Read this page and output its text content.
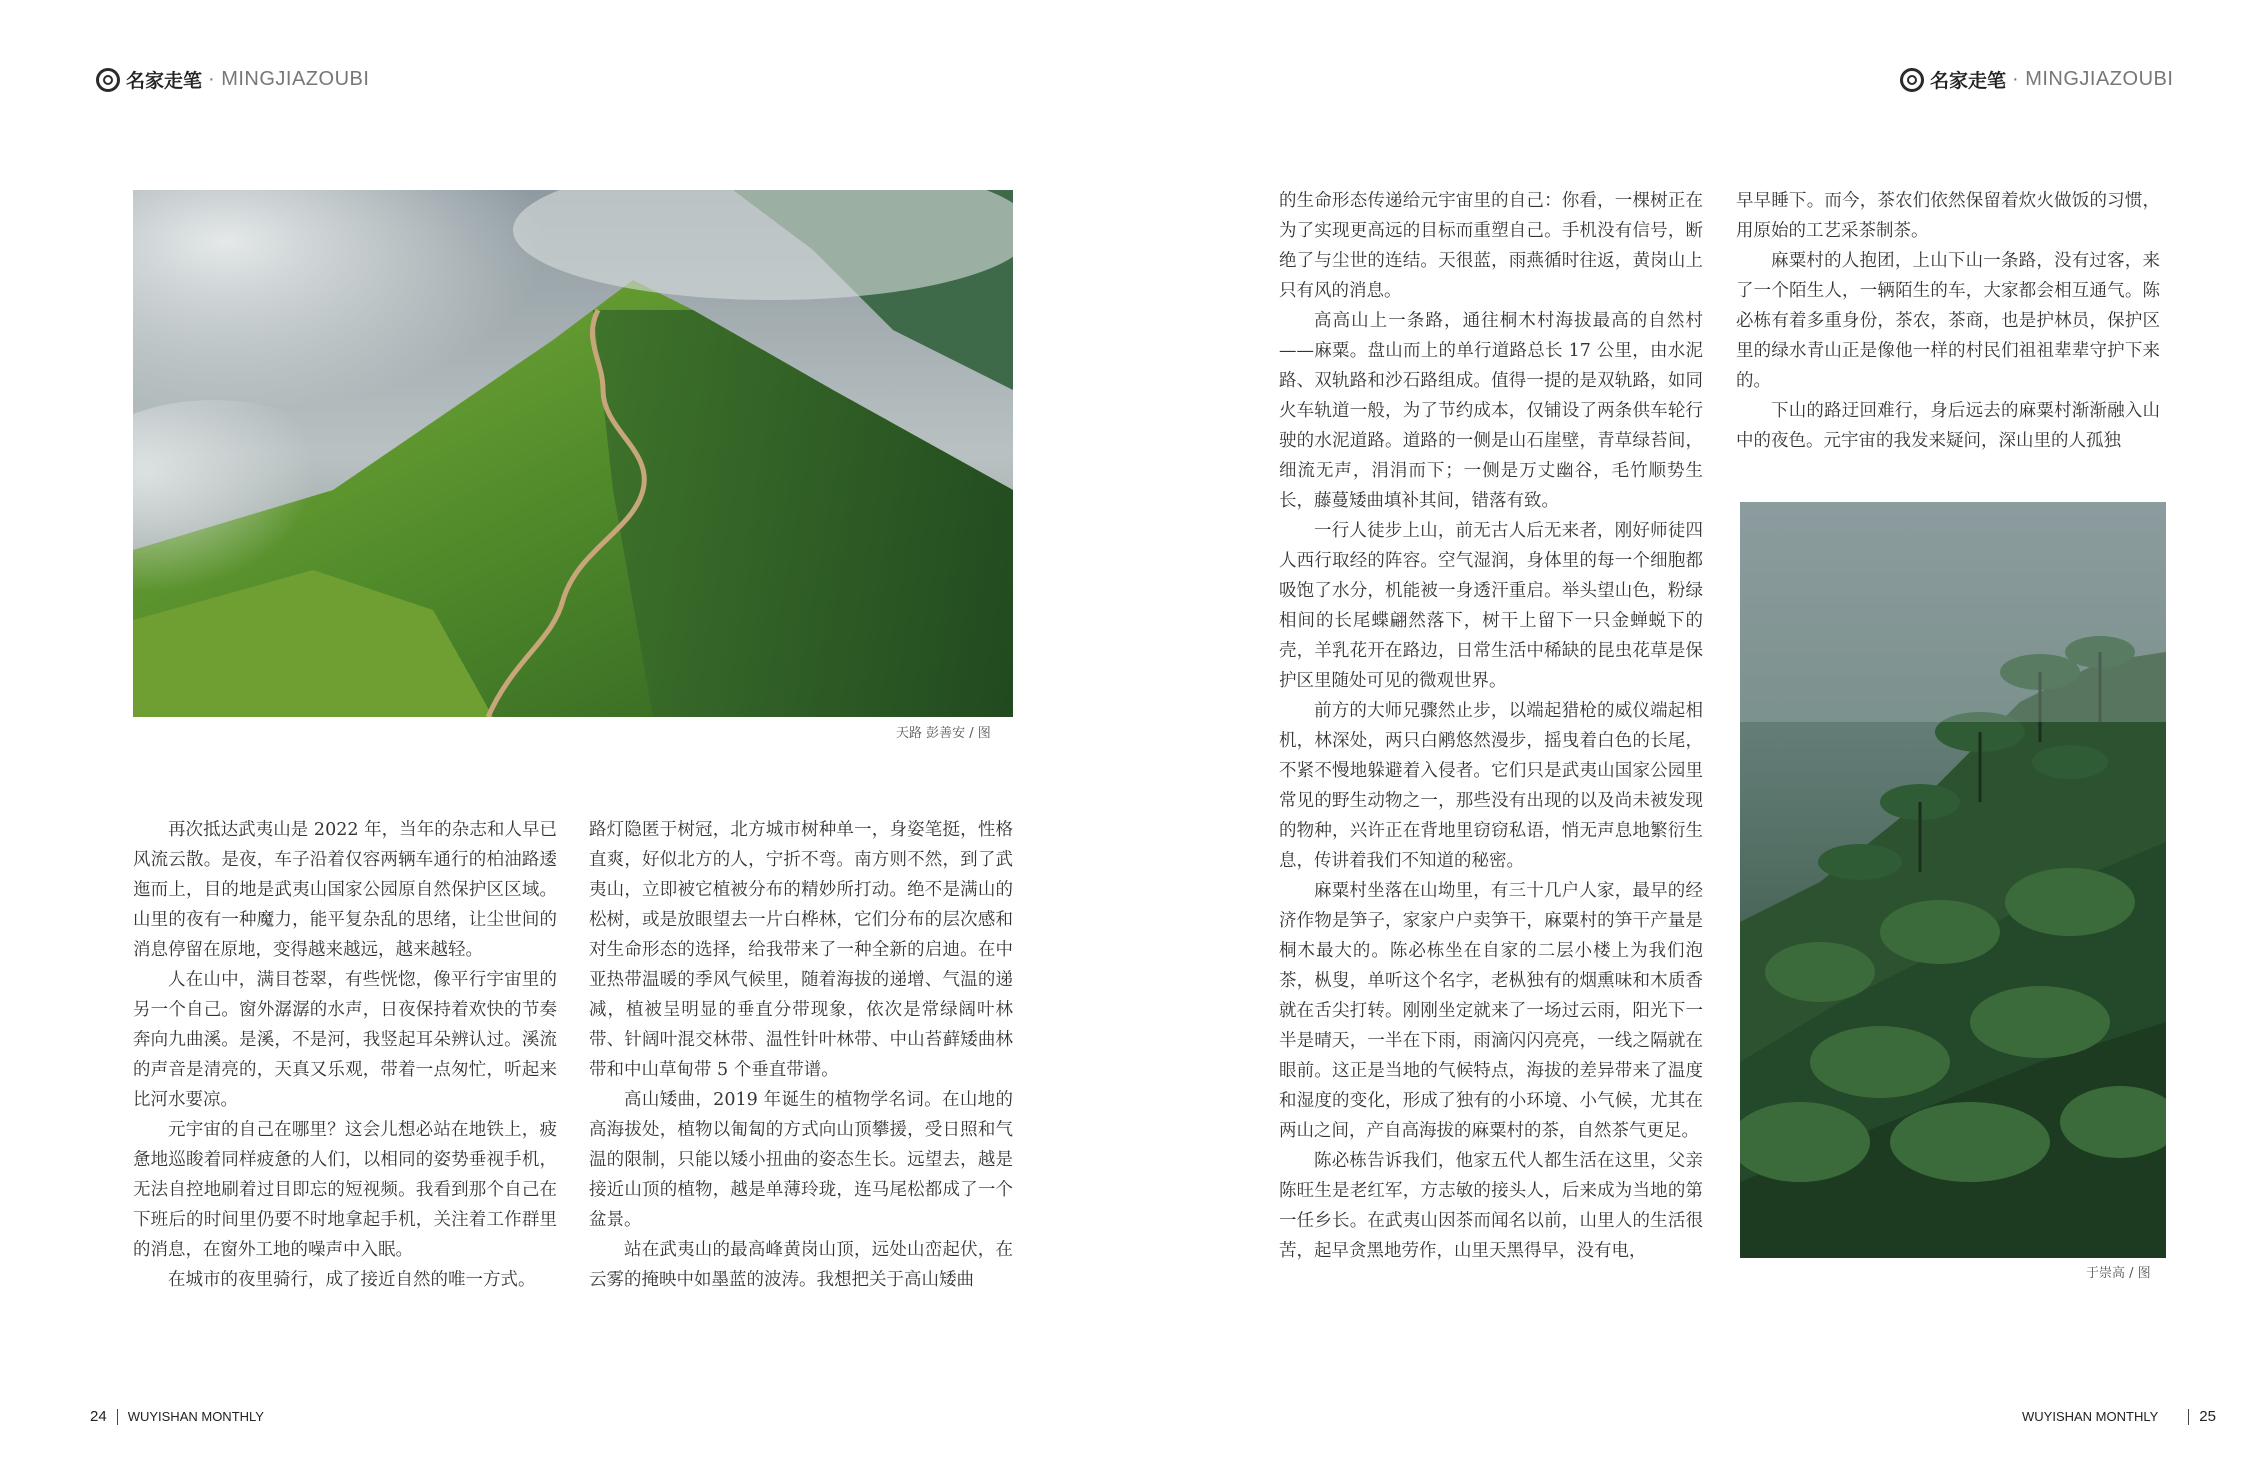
名家走笔 · MINGJIAZOUBI
天路 彭善安 / 图

再次抵达武夷山是 2022 年，当年的杂志和人早已风流云散。是夜，车子沿着仅容两辆车通行的柏油路逶迤而上，目的地是武夷山国家公园原自然保护区区域。山里的夜有一种魔力，能平复杂乱的思绪，让尘世间的消息停留在原地，变得越来越远，越来越轻。

人在山中，满目苍翠，有些恍惚，像平行宇宙里的另一个自己。窗外潺潺的水声，日夜保持着欢快的节奏奔向九曲溪。是溪，不是河，我竖起耳朵辨认过。溪流的声音是清亮的，天真又乐观，带着一点匆忙，听起来比河水要凉。

元宇宙的自己在哪里？这会儿想必站在地铁上，疲惫地巡睃着同样疲惫的人们，以相同的姿势垂视手机，无法自控地刷着过目即忘的短视频。我看到那个自己在下班后的时间里仍要不时地拿起手机，关注着工作群里的消息，在窗外工地的噪声中入眠。

在城市的夜里骑行，成了接近自然的唯一方式。

路灯隐匿于树冠，北方城市树种单一，身姿笔挺，性格直爽，好似北方的人，宁折不弯。南方则不然，到了武夷山，立即被它植被分布的精妙所打动。绝不是满山的松树，或是放眼望去一片白桦林，它们分布的层次感和对生命形态的选择，给我带来了一种全新的启迪。在中亚热带温暖的季风气候里，随着海拔的递增、气温的递减，植被呈明显的垂直分带现象，依次是常绿阔叶林带、针阔叶混交林带、温性针叶林带、中山苔藓矮曲林带和中山草甸带 5 个垂直带谱。

高山矮曲，2019 年诞生的植物学名词。在山地的高海拔处，植物以匍匐的方式向山顶攀援，受日照和气温的限制，只能以矮小扭曲的姿态生长。远望去，越是接近山顶的植物，越是单薄玲珑，连马尾松都成了一个盆景。

站在武夷山的最高峰黄岗山顶，远处山峦起伏，在云雾的掩映中如墨蓝的波涛。我想把关于高山矮曲

24 WUYISHAN MONTHLY
名家走笔 · MINGJIAZOUBI

的生命形态传递给元宇宙里的自己：你看，一棵树正在为了实现更高远的目标而重塑自己。手机没有信号，断绝了与尘世的连结。天很蓝，雨燕循时往返，黄岗山上只有风的消息。

高高山上一条路，通往桐木村海拔最高的自然村——麻粟。盘山而上的单行道路总长 17 公里，由水泥路、双轨路和沙石路组成。值得一提的是双轨路，如同火车轨道一般，为了节约成本，仅铺设了两条供车轮行驶的水泥道路。道路的一侧是山石崖壁，青草绿苔间，细流无声，涓涓而下；一侧是万丈幽谷，毛竹顺势生长，藤蔓矮曲填补其间，错落有致。

一行人徒步上山，前无古人后无来者，刚好师徒四人西行取经的阵容。空气湿润，身体里的每一个细胞都吸饱了水分，机能被一身透汗重启。举头望山色，粉绿相间的长尾蝶翩然落下，树干上留下一只金蝉蜕下的壳，羊乳花开在路边，日常生活中稀缺的昆虫花草是保护区里随处可见的微观世界。

前方的大师兄骤然止步，以端起猎枪的威仪端起相机，林深处，两只白鹇悠然漫步，摇曳着白色的长尾，不紧不慢地躲避着入侵者。它们只是武夷山国家公园里常见的野生动物之一，那些没有出现的以及尚未被发现的物种，兴许正在背地里窃窃私语，悄无声息地繁衍生息，传讲着我们不知道的秘密。

麻粟村坐落在山坳里，有三十几户人家，最早的经济作物是笋子，家家户户卖笋干，麻粟村的笋干产量是桐木最大的。陈必栋坐在自家的二层小楼上为我们泡茶，枞叟，单听这个名字，老枞独有的烟熏味和木质香就在舌尖打转。刚刚坐定就来了一场过云雨，阳光下一半是晴天，一半在下雨，雨滴闪闪亮亮，一线之隔就在眼前。这正是当地的气候特点，海拔的差异带来了温度和湿度的变化，形成了独有的小环境、小气候，尤其在两山之间，产自高海拔的麻粟村的茶，自然茶气更足。

陈必栋告诉我们，他家五代人都生活在这里，父亲陈旺生是老红军，方志敏的接头人，后来成为当地的第一任乡长。在武夷山因茶而闻名以前，山里人的生活很苦，起早贪黑地劳作，山里天黑得早，没有电，

早早睡下。而今，茶农们依然保留着炊火做饭的习惯，用原始的工艺采茶制茶。

麻粟村的人抱团，上山下山一条路，没有过客，来了一个陌生人，一辆陌生的车，大家都会相互通气。陈必栋有着多重身份，茶农，茶商，也是护林员，保护区里的绿水青山正是像他一样的村民们祖祖辈辈守护下来的。

下山的路迂回难行，身后远去的麻粟村渐渐融入山中的夜色。元宇宙的我发来疑问，深山里的人孤独

于崇高 / 图
WUYISHAN MONTHLY	25
